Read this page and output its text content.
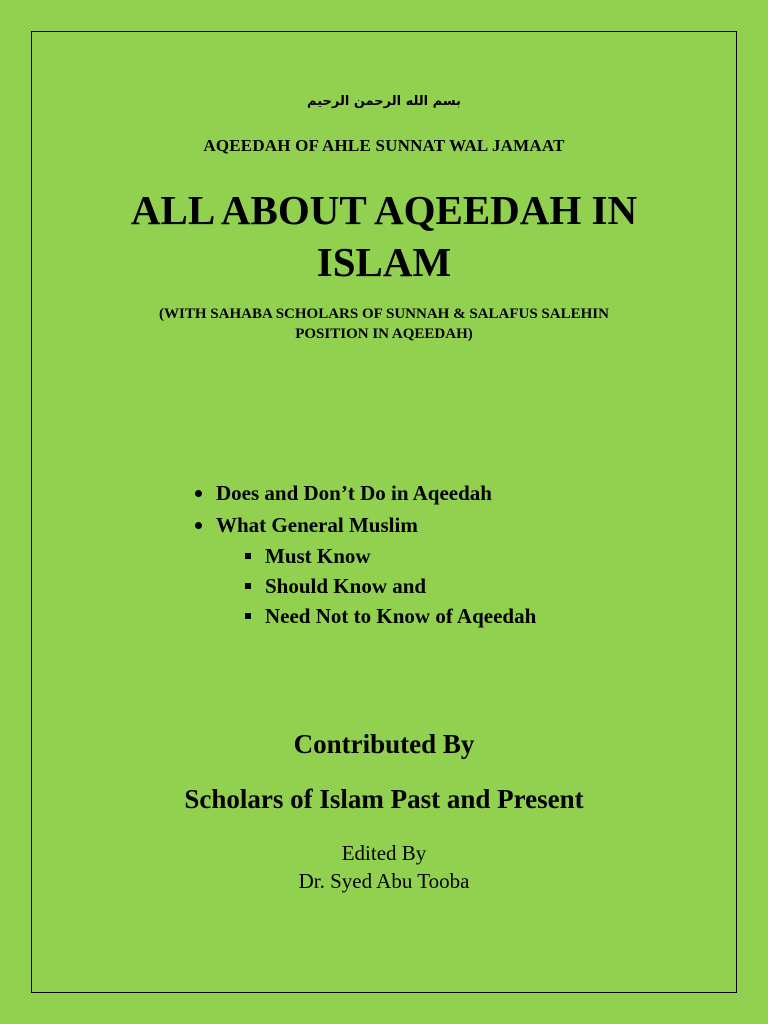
بسم الله الرحمن الرحيم
AQEEDAH OF AHLE SUNNAT WAL JAMAAT
ALL ABOUT AQEEDAH IN
ISLAM
(WITH SAHABA SCHOLARS OF SUNNAH & SALAFUS SALEHIN
POSITION IN AQEEDAH)
Does and Don’t Do in Aqeedah
What General Muslim
Must Know
Should Know and
Need Not to Know of Aqeedah
Contributed By
Scholars of Islam Past and Present
Edited By
Dr. Syed Abu Tooba
